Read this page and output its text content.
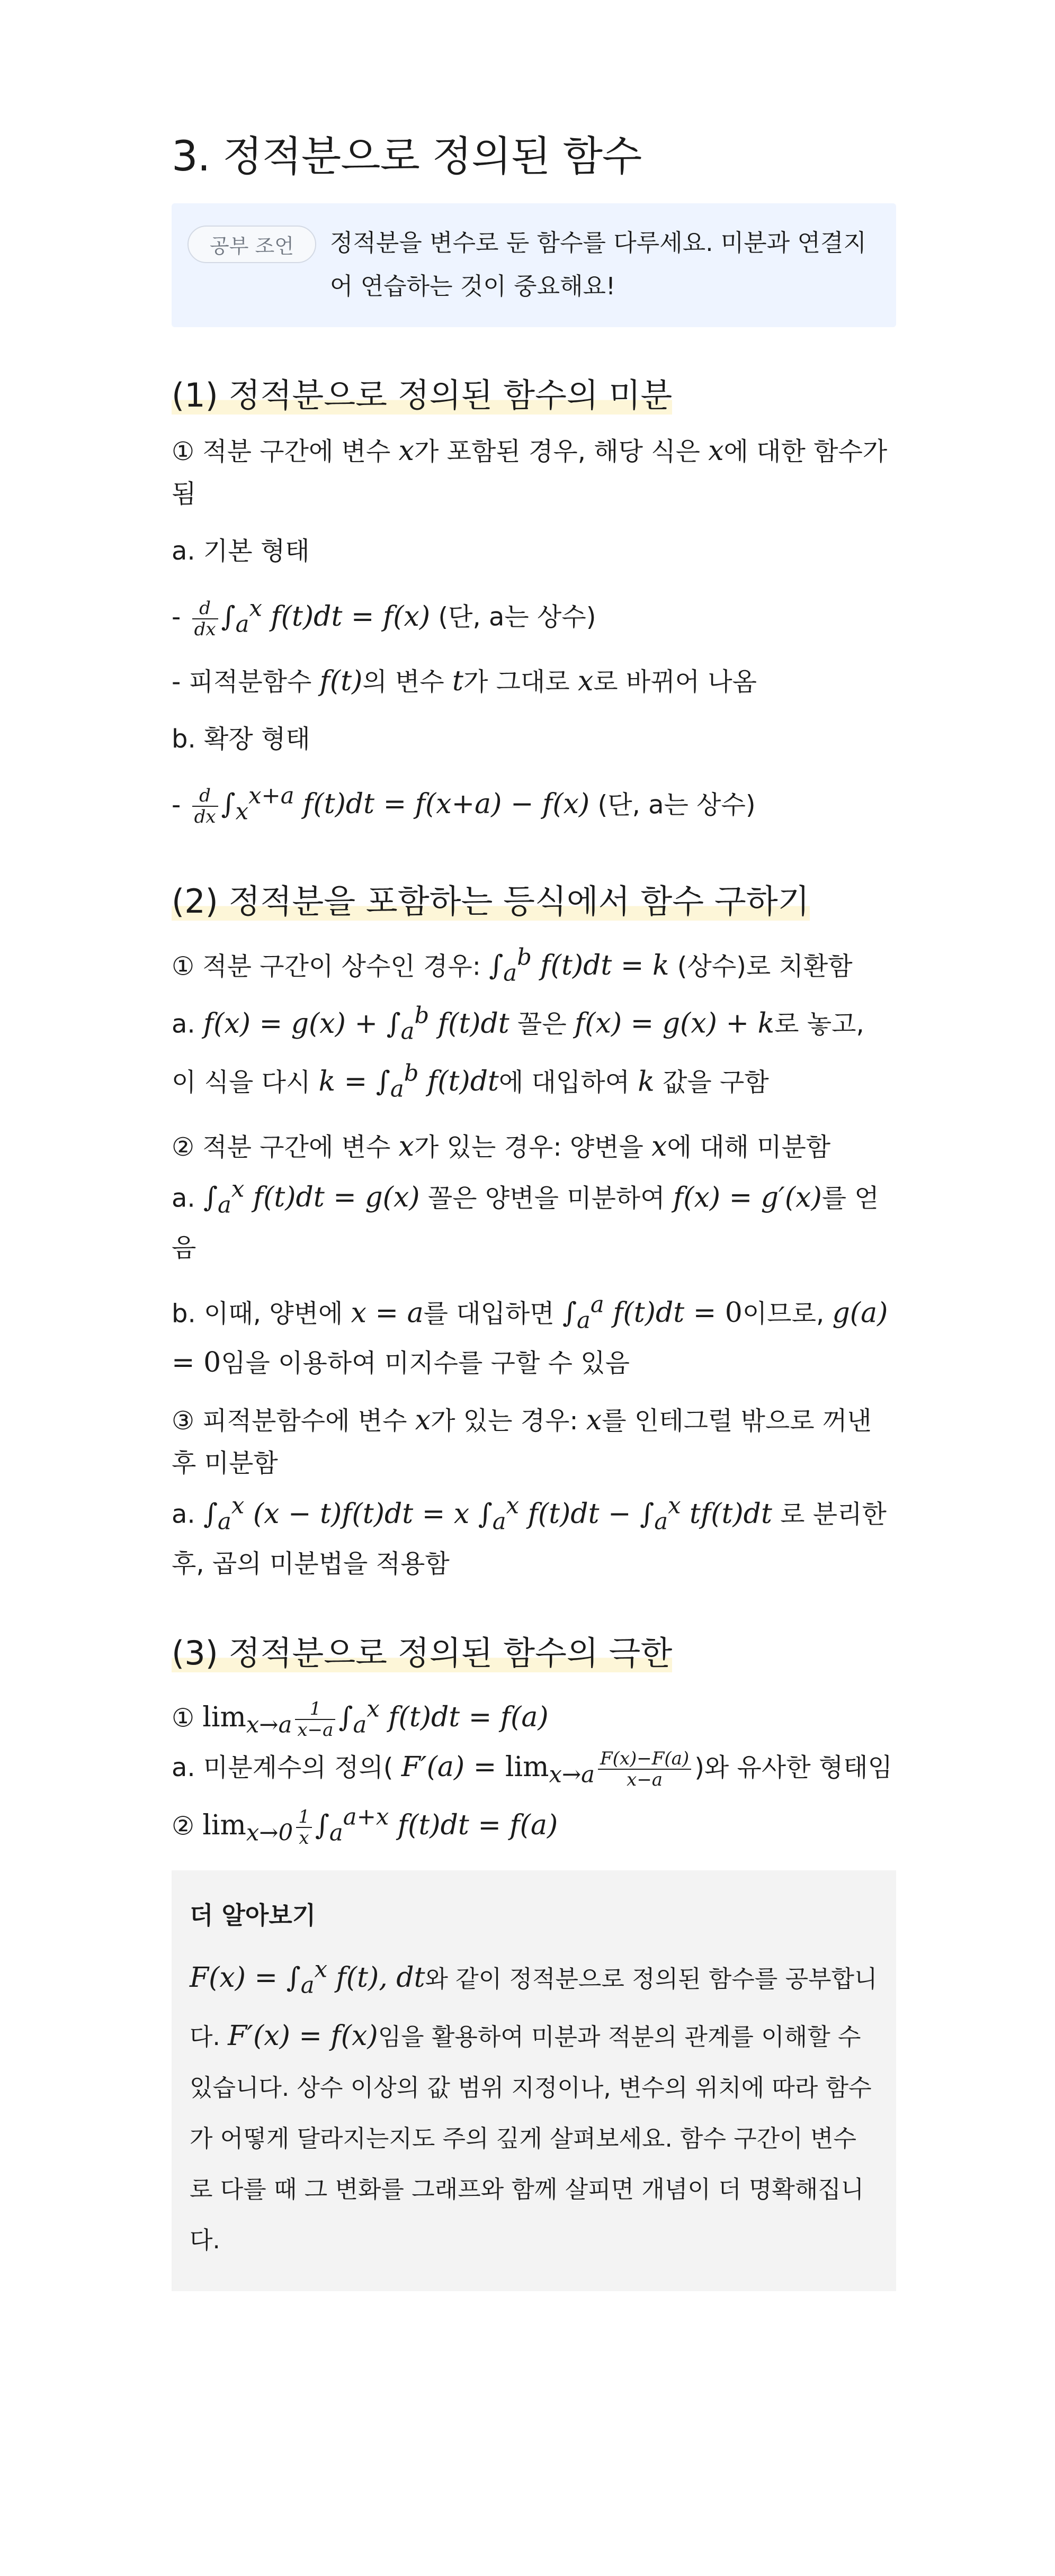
3. 정적분으로 정의된 함수
공부 조언	정적분을 변수로 둔 함수를 다루세요. 미분과 연결지어 연습하는 것이 중요해요!
(1) 정적분으로 정의된 함수의 미분

① 적분 구간에 변수 x가 포함된 경우, 해당 식은 x에 대한 함수가 됨

a. 기본 형태

- $\frac{d}{dx} \int_a^x$ f(t)dt = f(x) (단, a는 상수)

- 피적분함수 f(t)의 변수 t가 그대로 x로 바뀌어 나옴

b. 확장 형태

- $\frac{d}{dx} \int_x^{x+a}$ f(t)dt = f(x+a) − f(x) (단, a는 상수)

(2) 정적분을 포함하는 등식에서 함수 구하기

① 적분 구간이 상수인 경우: $\int_a^b$ f(t)dt = k (상수)로 치환함

a. $f(x) = g(x) + \int_a^b$ f(t)dt 꼴은 f(x) = g(x) + k로 놓고, 이 식을 다시 $k = \int_a^b$ f(t)dt에 대입하여 k 값을 구함

② 적분 구간에 변수 x가 있는 경우: 양변을 x에 대해 미분함

a. $\int_a^x$ f(t)dt = g(x) 꼴은 양변을 미분하여 f(x) = g′(x)를 얻음

b. 이때, 양변에 x = a를 대입하면 $\int_a^a$ f(t)dt = 0이므로, g(a) = 0임을 이용하여 미지수를 구할 수 있음

③ 피적분함수에 변수 x가 있는 경우: x를 인테그럴 밖으로 꺼낸 후 미분함

a. $\int_a^x$ (x − t)f(t)dt = x $\int_a^x$ $f(t)dt - \int_a^x$ tf(t)dt 로 분리한 후, 곱의 미분법을 적용함

(3) 정적분으로 정의된 함수의 극한

① $\lim_{x\to a} \frac{1}{x-a} \int_a^x$ f(t)dt = f(a)

a. 미분계수의 정의( $F'(a) = \lim_{x\to a} \frac{F(x)-F(a)}{x-a}$ )와 유사한 형태임

② $\lim_{x\to 0} \frac{1}{x} \int_a^{a+x}$ f(t)dt = f(a)

더 알아보기

$F(x) = \int_a^x$ f(t), dt와 같이 정적분으로 정의된 함수를 공부합니다. F′(x) = f(x)임을 활용하여 미분과 적분의 관계를 이해할 수 있습니다. 상수 이상의 값 범위 지정이나, 변수의 위치에 따라 함수가 어떻게 달라지는지도 주의 깊게 살펴보세요. 함수 구간이 변수로 다를 때 그 변화를 그래프와 함께 살피면 개념이 더 명확해집니다.
